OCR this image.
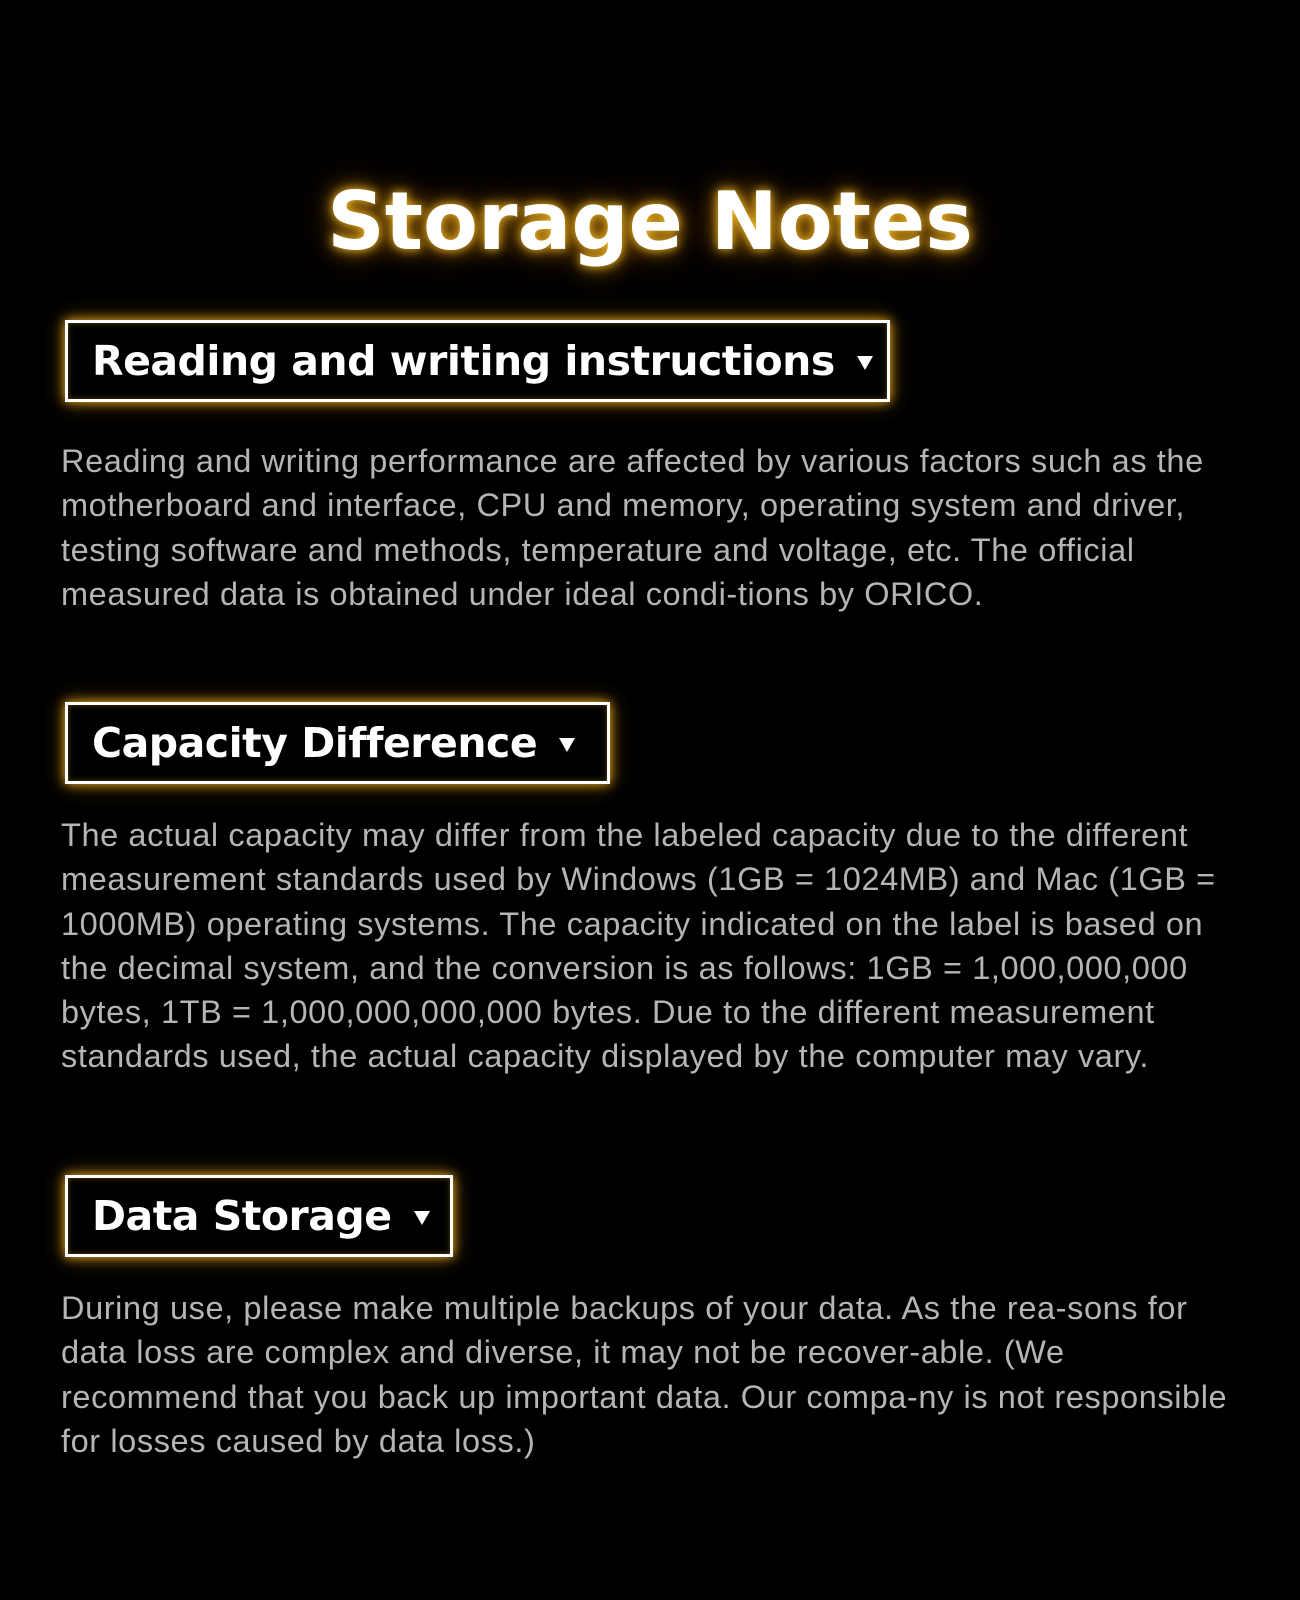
Storage Notes
Reading and writing instructions

Reading and writing performance are affected by various factors such as the motherboard and interface, CPU and memory, operating system and driver, testing software and methods, temperature and voltage, etc. The official measured data is obtained under ideal condi-tions by ORICO.

Capacity Difference

The actual capacity may differ from the labeled capacity due to the different measurement standards used by Windows (1GB = 1024MB) and Mac (1GB = 1000MB) operating systems. The capacity indicated on the label is based on the decimal system, and the conversion is as follows: 1GB = 1,000,000,000 bytes, 1TB = 1,000,000,000,000 bytes. Due to the different measurement standards used, the actual capacity displayed by the computer may vary.

Data Storage

During use, please make multiple backups of your data. As the rea-sons for data loss are complex and diverse, it may not be recover-able. (We recommend that you back up important data. Our compa-ny is not responsible for losses caused by data loss.)
